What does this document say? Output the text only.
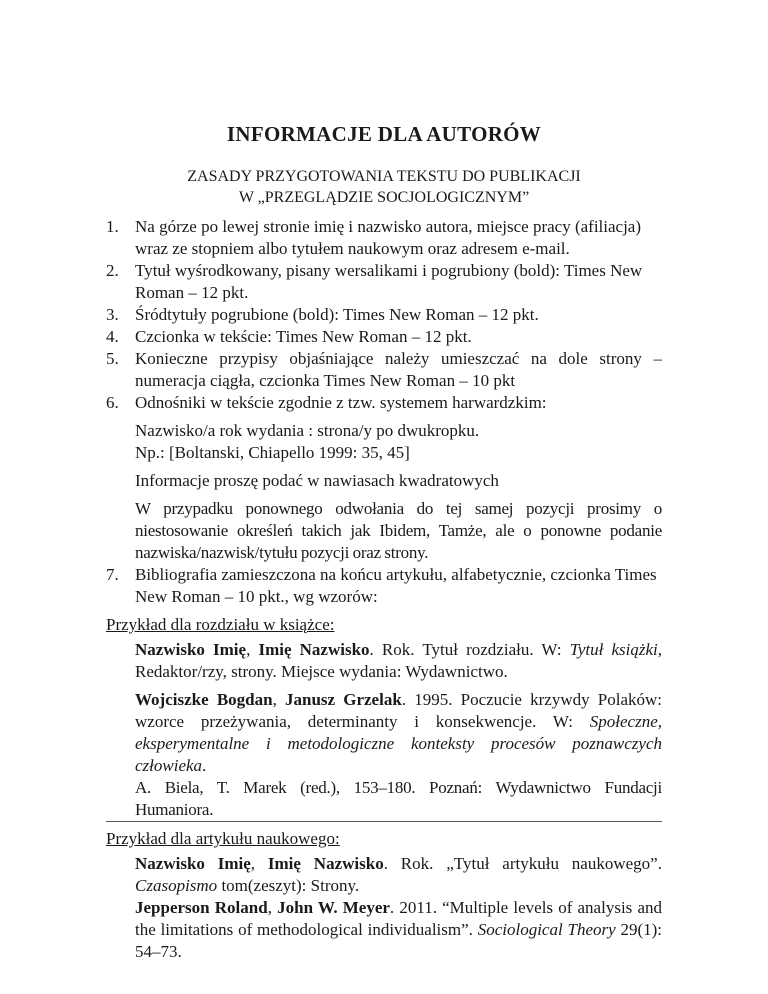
INFORMACJE DLA AUTORÓW
ZASADY PRZYGOTOWANIA TEKSTU DO PUBLIKACJI
W „PRZEGLĄDZIE SOCJOLOGICZNYM”
1. Na górze po lewej stronie imię i nazwisko autora, miejsce pracy (afiliacja) wraz ze stopniem albo tytułem naukowym oraz adresem e-mail.
2. Tytuł wyśrodkowany, pisany wersalikami i pogrubiony (bold): Times New Roman – 12 pkt.
3. Śródtytuły pogrubione (bold): Times New Roman – 12 pkt.
4. Czcionka w tekście: Times New Roman – 12 pkt.
5. Konieczne przypisy objaśniające należy umieszczać na dole strony – numeracja ciągła, czcionka Times New Roman – 10 pkt
6. Odnośniki w tekście zgodnie z tzw. systemem harwardzkim:
Nazwisko/a rok wydania : strona/y po dwukropku.
Np.: [Boltanski, Chiapello 1999: 35, 45]
Informacje proszę podać w nawiasach kwadratowych
W przypadku ponownego odwołania do tej samej pozycji prosimy o niestosowanie określeń takich jak Ibidem, Tamże, ale o ponowne podanie nazwiska/nazwisk/tytułu pozycji oraz strony.
7. Bibliografia zamieszczona na końcu artykułu, alfabetycznie, czcionka Times New Roman – 10 pkt., wg wzorów:
Przykład dla rozdziału w książce:
Nazwisko Imię, Imię Nazwisko. Rok. Tytuł rozdziału. W: Tytuł książki, Redaktor/rzy, strony. Miejsce wydania: Wydawnictwo.
Wojciszke Bogdan, Janusz Grzelak. 1995. Poczucie krzywdy Polaków: wzorce przeżywania, determinanty i konsekwencje. W: Społeczne, eksperymentalne i metodologiczne konteksty procesów poznawczych człowieka.
A. Biela, T. Marek (red.), 153–180. Poznań: Wydawnictwo Fundacji Humaniora.
Przykład dla artykułu naukowego:
Nazwisko Imię, Imię Nazwisko. Rok. „Tytuł artykułu naukowego”. Czasopismo tom(zeszyt): Strony.
Jepperson Roland, John W. Meyer. 2011. “Multiple levels of analysis and the limitations of methodological individualism”. Sociological Theory 29(1): 54–73.
